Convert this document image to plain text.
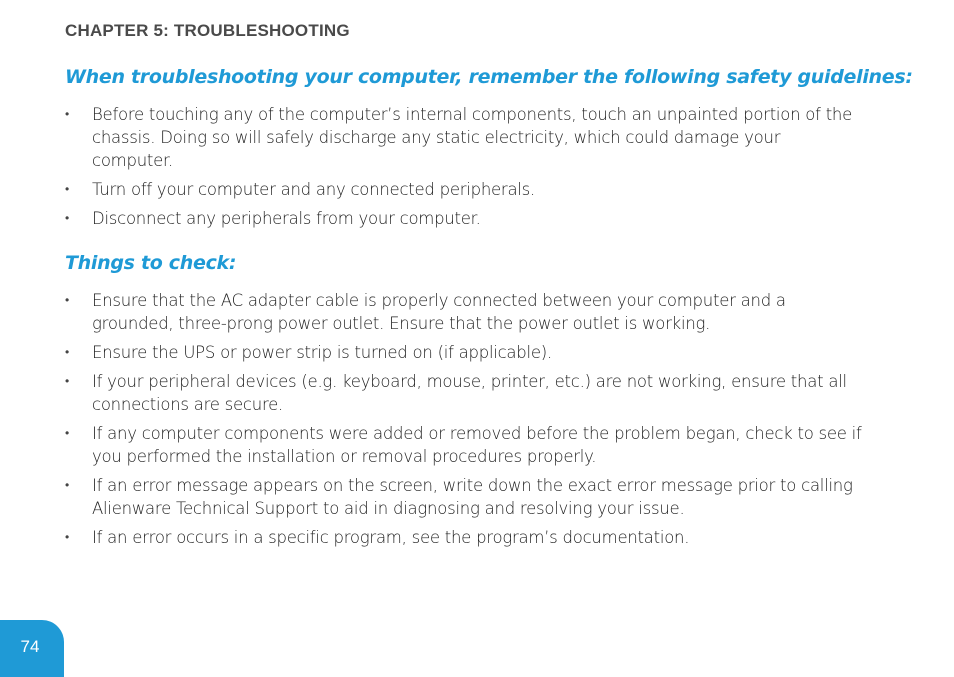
CHAPTER 5: TROUBLESHOOTING
When troubleshooting your computer, remember the following safety guidelines:
• Before touching any of the computer’s internal components, touch an unpainted portion of the chassis. Doing so will safely discharge any static electricity, which could damage your computer.
• Turn off your computer and any connected peripherals.
• Disconnect any peripherals from your computer.
Things to check:
• Ensure that the AC adapter cable is properly connected between your computer and a grounded, three-prong power outlet. Ensure that the power outlet is working.
• Ensure the UPS or power strip is turned on (if applicable).
• If your peripheral devices (e.g. keyboard, mouse, printer, etc.) are not working, ensure that all connections are secure.
• If any computer components were added or removed before the problem began, check to see if you performed the installation or removal procedures properly.
• If an error message appears on the screen, write down the exact error message prior to calling Alienware Technical Support to aid in diagnosing and resolving your issue.
• If an error occurs in a specific program, see the program’s documentation.
74
